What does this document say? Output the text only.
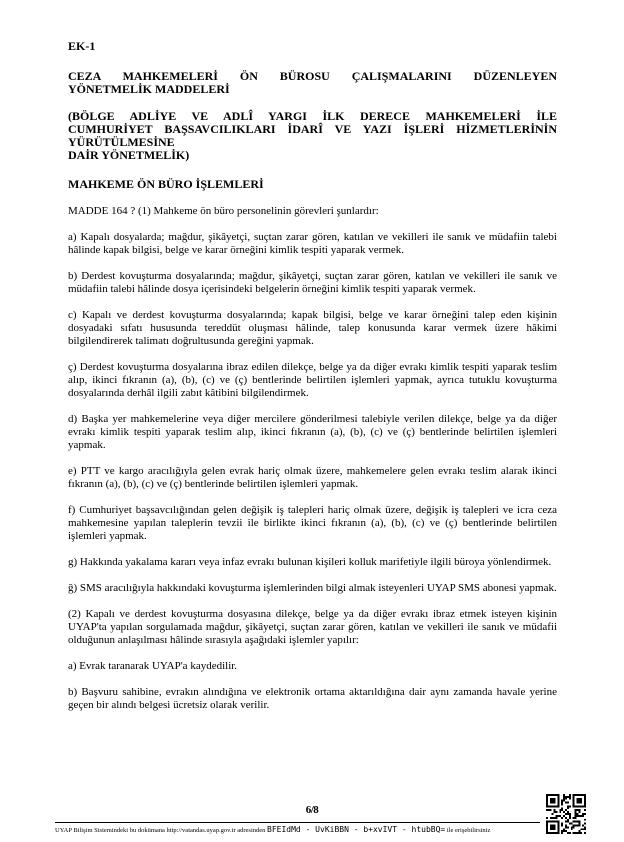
EK-1
CEZA MAHKEMELERİ ÖN BÜROSU ÇALIŞMALARINI DÜZENLEYEN
YÖNETMELİK MADDELERİ
(BÖLGE ADLİYE VE ADLÎ YARGI İLK DERECE MAHKEMELERİ İLE
CUMHURİYET BAŞSAVCILIKLARI İDARÎ VE YAZI İŞLERİ HİZMETLERİNİN
YÜRÜTÜLMESİNE
DAİR YÖNETMELİK)
MAHKEME ÖN BÜRO İŞLEMLERİ

MADDE 164 ? (1) Mahkeme ön büro personelinin görevleri şunlardır:

a) Kapalı dosyalarda; mağdur, şikâyetçi, suçtan zarar gören, katılan ve vekilleri ile sanık ve müdafiin talebi hâlinde kapak bilgisi, belge ve karar örneğini kimlik tespiti yaparak vermek.

b) Derdest kovuşturma dosyalarında; mağdur, şikâyetçi, suçtan zarar gören, katılan ve vekilleri ile sanık ve müdafiin talebi hâlinde dosya içerisindeki belgelerin örneğini kimlik tespiti yaparak vermek.

c) Kapalı ve derdest kovuşturma dosyalarında; kapak bilgisi, belge ve karar örneğini talep eden kişinin dosyadaki sıfatı hususunda tereddüt oluşması hâlinde, talep konusunda karar vermek üzere hâkimi bilgilendirerek talimatı doğrultusunda gereğini yapmak.

ç) Derdest kovuşturma dosyalarına ibraz edilen dilekçe, belge ya da diğer evrakı kimlik tespiti yaparak teslim alıp, ikinci fıkranın (a), (b), (c) ve (ç) bentlerinde belirtilen işlemleri yapmak, ayrıca tutuklu kovuşturma dosyalarında derhâl ilgili zabıt kâtibini bilgilendirmek.

d) Başka yer mahkemelerine veya diğer mercilere gönderilmesi talebiyle verilen dilekçe, belge ya da diğer evrakı kimlik tespiti yaparak teslim alıp, ikinci fıkranın (a), (b), (c) ve (ç) bentlerinde belirtilen işlemleri yapmak.

e) PTT ve kargo aracılığıyla gelen evrak hariç olmak üzere, mahkemelere gelen evrakı teslim alarak ikinci fıkranın (a), (b), (c) ve (ç) bentlerinde belirtilen işlemleri yapmak.

f) Cumhuriyet başsavcılığından gelen değişik iş talepleri hariç olmak üzere, değişik iş talepleri ve icra ceza mahkemesine yapılan taleplerin tevzii ile birlikte ikinci fıkranın (a), (b), (c) ve (ç) bentlerinde belirtilen işlemleri yapmak.

g) Hakkında yakalama kararı veya infaz evrakı bulunan kişileri kolluk marifetiyle ilgili büroya yönlendirmek.

ğ) SMS aracılığıyla hakkındaki kovuşturma işlemlerinden bilgi almak isteyenleri UYAP SMS abonesi yapmak.

(2) Kapalı ve derdest kovuşturma dosyasına dilekçe, belge ya da diğer evrakı ibraz etmek isteyen kişinin UYAP'ta yapılan sorgulamada mağdur, şikâyetçi, suçtan zarar gören, katılan ve vekilleri ile sanık ve müdafii olduğunun anlaşılması hâlinde sırasıyla aşağıdaki işlemler yapılır:

a) Evrak taranarak UYAP'a kaydedilir.

b) Başvuru sahibine, evrakın alındığına ve elektronik ortama aktarıldığına dair aynı zamanda havale yerine geçen bir alındı belgesi ücretsiz olarak verilir.

6/8
UYAP Bilişim Sistemindeki bu dokümana http://vatandas.uyap.gov.tr adresinden BFEIdMd - UvKiBBN - b+xvIVT - htubBQ= ile erişebilirsiniz
